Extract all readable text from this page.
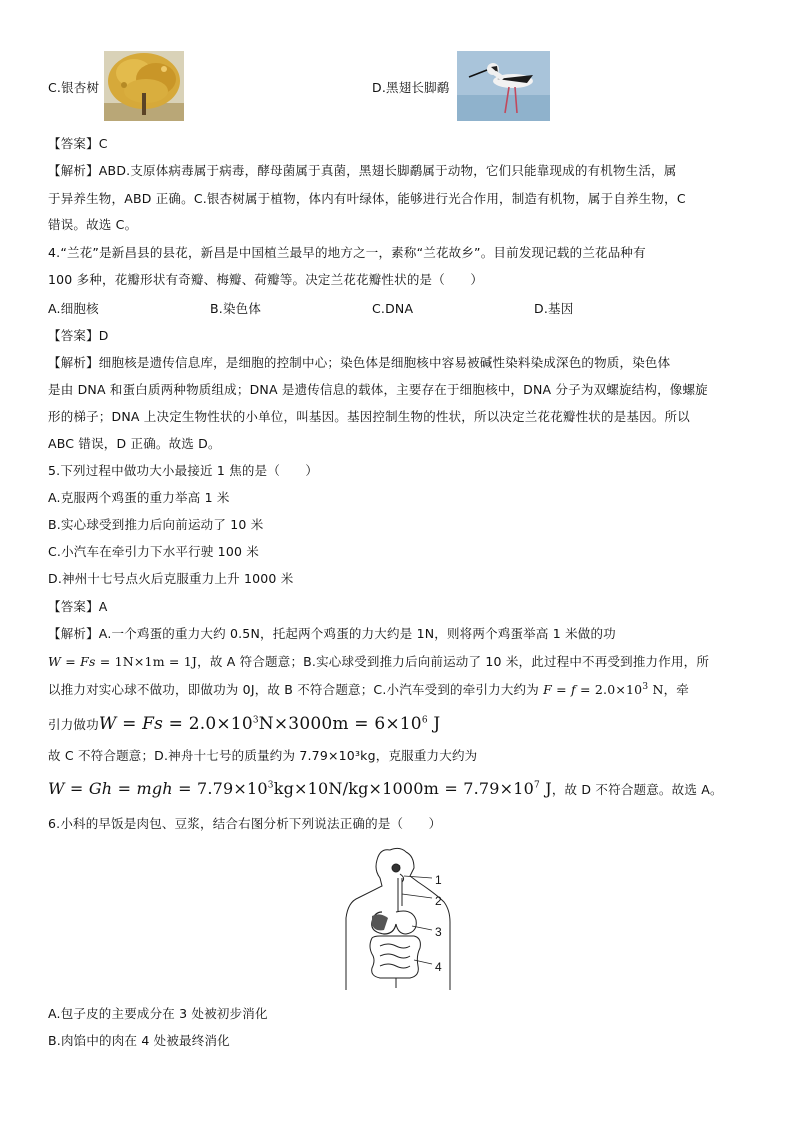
C.银杏树	D.黑翅长脚鹬
【答案】C
【解析】ABD.支原体病毒属于病毒，酵母菌属于真菌，黑翅长脚鹬属于动物，它们只能靠现成的有机物生活，属
于异养生物，ABD 正确。C.银杏树属于植物，体内有叶绿体，能够进行光合作用，制造有机物，属于自养生物，C
错误。故选 C。
4.“兰花”是新昌县的县花，新昌是中国植兰最早的地方之一，素称“兰花故乡”。目前发现记载的兰花品种有
100 多种，花瓣形状有奇瓣、梅瓣、荷瓣等。决定兰花花瓣性状的是（　　）
A.细胞核	B.染色体	C.DNA	D.基因
【答案】D
【解析】细胞核是遗传信息库，是细胞的控制中心；染色体是细胞核中容易被碱性染料染成深色的物质，染色体
是由 DNA 和蛋白质两种物质组成；DNA 是遗传信息的载体，主要存在于细胞核中，DNA 分子为双螺旋结构，像螺旋
形的梯子；DNA 上决定生物性状的小单位，叫基因。基因控制生物的性状，所以决定兰花花瓣性状的是基因。所以
ABC 错误，D 正确。故选 D。
5.下列过程中做功大小最接近 1 焦的是（　　）
A.克服两个鸡蛋的重力举高 1 米
B.实心球受到推力后向前运动了 10 米
C.小汽车在牵引力下水平行驶 100 米
D.神州十七号点火后克服重力上升 1000 米
【答案】A
【解析】A.一个鸡蛋的重力大约 0.5N，托起两个鸡蛋的力大约是 1N，则将两个鸡蛋举高 1 米做的功
W = Fs = 1N×1m = 1J，故 A 符合题意；B.实心球受到推力后向前运动了 10 米，此过程中不再受到推力作用，所
以推力对实心球不做功，即做功为 0J，故 B 不符合题意；C.小汽车受到的牵引力大约为 $F = f = 2.0\times 10^3$ N，牵
引力做功$W = Fs = 2.0\times 10^3N\times 3000m = 6\times 10^6$ J
故 C 不符合题意；D.神舟十七号的质量约为 7.79×10³kg，克服重力大约为
W = Gh = mgh = $7.79\times 10^3kg\times 10N/kg\times 1000m = 7.79\times 10^7$ J，故 D 不符合题意。故选 A。
6.小科的早饭是肉包、豆浆，结合右图分析下列说法正确的是（　　）
1
2
3
4
A.包子皮的主要成分在 3 处被初步消化
B.肉馅中的肉在 4 处被最终消化
